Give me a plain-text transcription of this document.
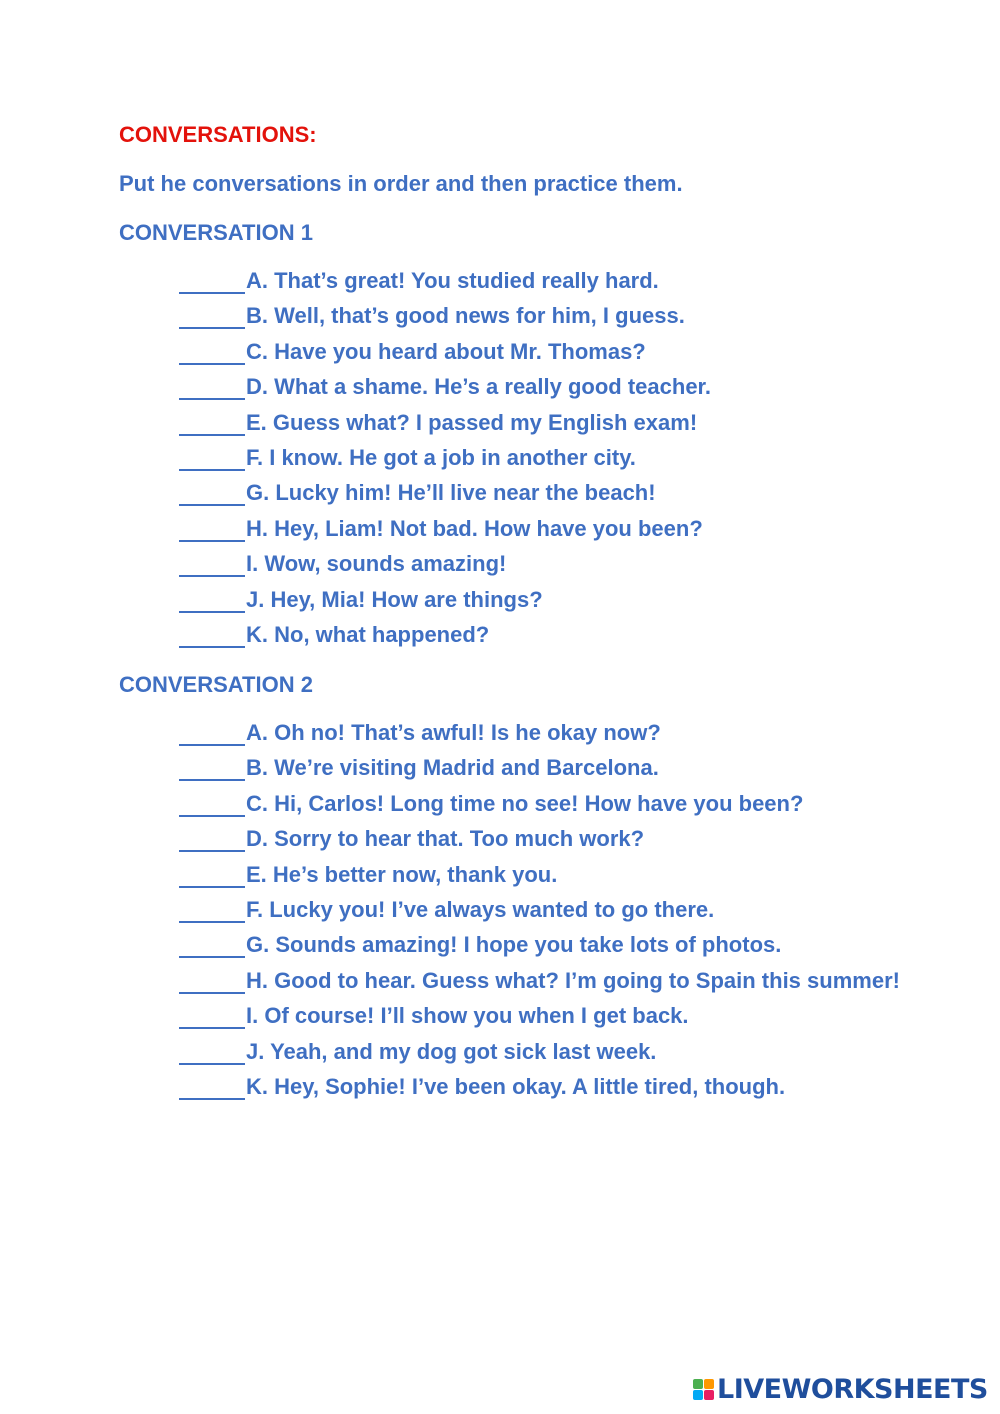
CONVERSATIONS:
Put he conversations in order and then practice them.
CONVERSATION 1
A. That’s great! You studied really hard.
B. Well, that’s good news for him, I guess.
C. Have you heard about Mr. Thomas?
D. What a shame. He’s a really good teacher.
E. Guess what? I passed my English exam!
F. I know. He got a job in another city.
G. Lucky him! He’ll live near the beach!
H. Hey, Liam! Not bad. How have you been?
I. Wow, sounds amazing!
J. Hey, Mia! How are things?
K. No, what happened?
CONVERSATION 2
A. Oh no! That’s awful! Is he okay now?
B. We’re visiting Madrid and Barcelona.
C. Hi, Carlos! Long time no see! How have you been?
D. Sorry to hear that. Too much work?
E. He’s better now, thank you.
F. Lucky you! I’ve always wanted to go there.
G. Sounds amazing! I hope you take lots of photos.
H. Good to hear. Guess what? I’m going to Spain this summer!
I. Of course! I’ll show you when I get back.
J. Yeah, and my dog got sick last week.
K. Hey, Sophie! I’ve been okay. A little tired, though.
LIVEWORKSHEETS
